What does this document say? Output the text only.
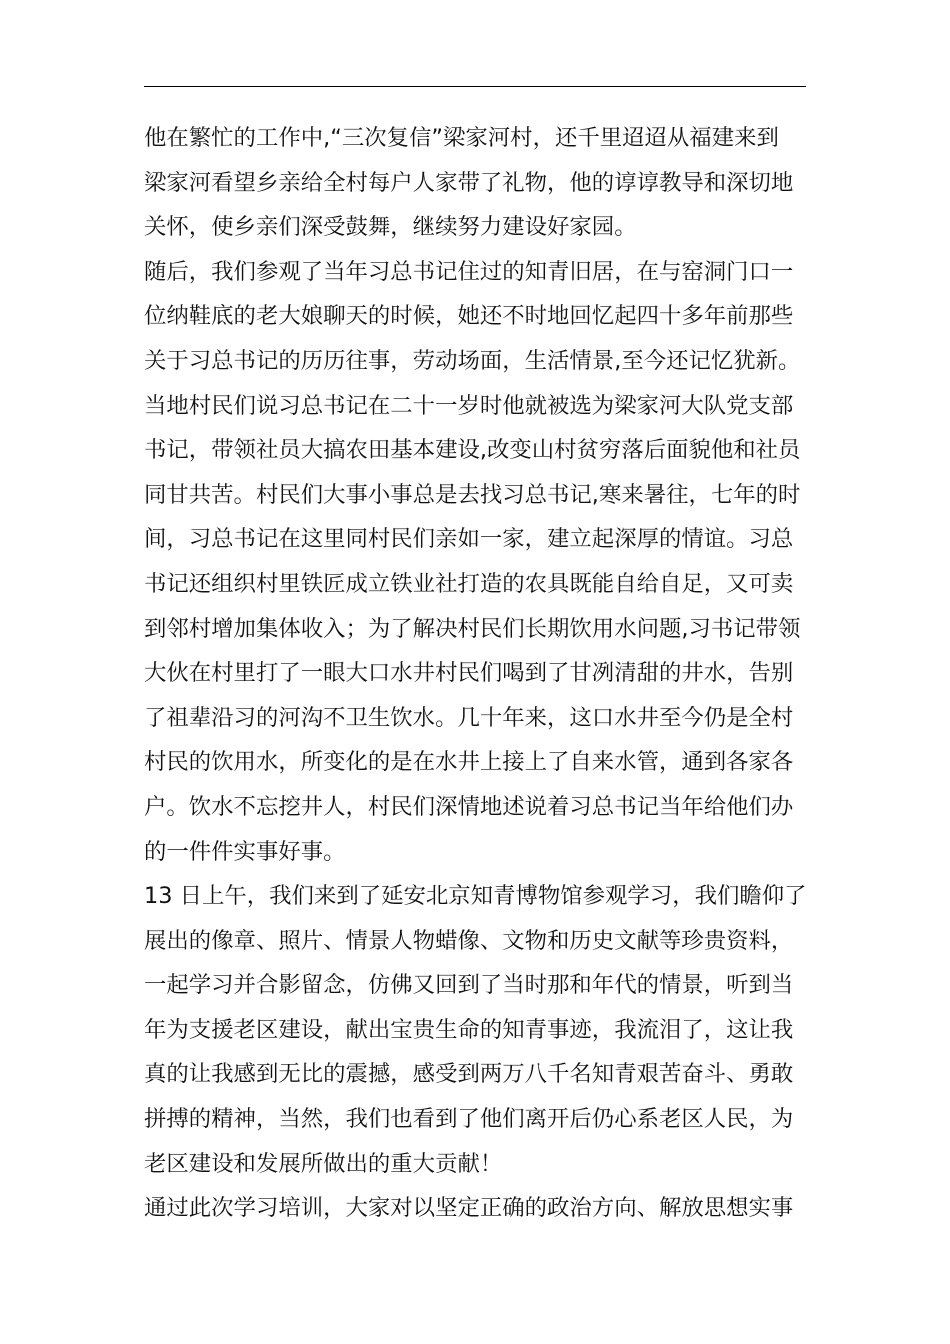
他在繁忙的工作中,“三次复信”梁家河村，还千里迢迢从福建来到
梁家河看望乡亲给全村每户人家带了礼物，他的谆谆教导和深切地
关怀，使乡亲们深受鼓舞，继续努力建设好家园。
随后，我们参观了当年习总书记住过的知青旧居，在与窑洞门口一
位纳鞋底的老大娘聊天的时候，她还不时地回忆起四十多年前那些
关于习总书记的历历往事，劳动场面，生活情景,至今还记忆犹新。
当地村民们说习总书记在二十一岁时他就被选为梁家河大队党支部
书记，带领社员大搞农田基本建设,改变山村贫穷落后面貌他和社员
同甘共苦。村民们大事小事总是去找习总书记,寒来暑往，七年的时
间，习总书记在这里同村民们亲如一家，建立起深厚的情谊。习总
书记还组织村里铁匠成立铁业社打造的农具既能自给自足，又可卖
到邻村增加集体收入；为了解决村民们长期饮用水问题,习书记带领
大伙在村里打了一眼大口水井村民们喝到了甘冽清甜的井水，告别
了祖辈沿习的河沟不卫生饮水。几十年来，这口水井至今仍是全村
村民的饮用水，所变化的是在水井上接上了自来水管，通到各家各
户。饮水不忘挖井人，村民们深情地述说着习总书记当年给他们办
的一件件实事好事。
13 日上午，我们来到了延安北京知青博物馆参观学习，我们瞻仰了
展出的像章、照片、情景人物蜡像、文物和历史文献等珍贵资料，
一起学习并合影留念，仿佛又回到了当时那和年代的情景，听到当
年为支援老区建设，献出宝贵生命的知青事迹，我流泪了，这让我
真的让我感到无比的震撼，感受到两万八千名知青艰苦奋斗、勇敢
拼搏的精神，当然，我们也看到了他们离开后仍心系老区人民，为
老区建设和发展所做出的重大贡献！
通过此次学习培训，大家对以坚定正确的政治方向、解放思想实事
